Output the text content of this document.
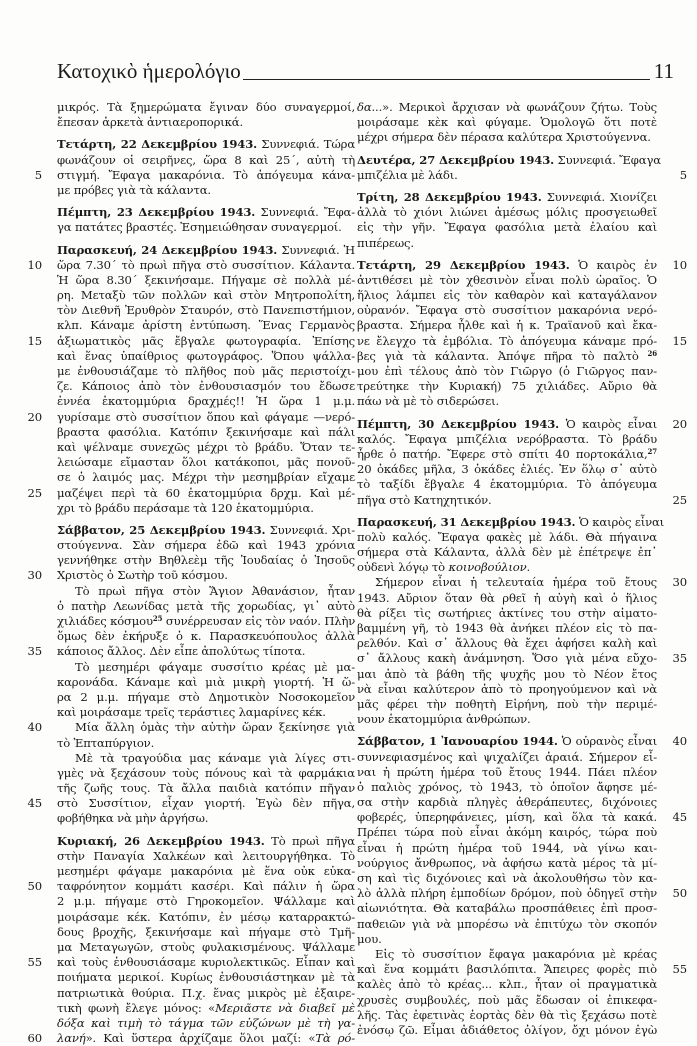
Κατοχικὸ ἡμερολόγιο	11
μικρός. Τὰ ξημερώματα ἔγιναν δύο συναγερμοί,
ἔπεσαν ἀρκετὰ ἀντιαεροπορικά.
Τετάρτη, 22 Δεκεμβρίου 1943. Συννεφιά. Τώρα
φωνάζουν οἱ σειρῆνες, ὥρα 8 καὶ 25΄, αὐτὴ τὴ
στιγμή. Ἔφαγα μακαρόνια. Τὸ ἀπόγευμα κάνα-
5
με πρόβες γιὰ τὰ κάλαντα.
Πέμπτη, 23 Δεκεμβρίου 1943. Συννεφιά. Ἔφα-
γα πατάτες βραστές. Ἐσημειώθησαν συναγερμοί.
Παρασκευή, 24 Δεκεμβρίου 1943. Συννεφιά. Ἡ
ὥρα 7.30΄ τὸ πρωὶ πῆγα στὸ συσσίτιον. Κάλαντα.
10
Ἡ ὥρα 8.30΄ ξεκινήσαμε. Πήγαμε σὲ πολλὰ μέ-
ρη. Μεταξὺ τῶν πολλῶν καὶ στὸν Μητροπολίτη,
τὸν Διεθνῆ Ἐρυθρὸν Σταυρόν, στὸ Πανεπιστήμιον,
κλπ. Κάναμε ἀρίστη ἐντύπωση. Ἕνας Γερμανὸς
ἀξιωματικὸς μᾶς ἔβγαλε φωτογραφία. Ἐπίσης
15
καὶ ἕνας ὑπαίθριος φωτογράφος. Ὅπου ψάλλα-
με ἐνθουσιάζαμε τὸ πλῆθος ποὺ μᾶς περιστοίχι-
ζε. Κάποιος ἀπὸ τὸν ἐνθουσιασμόν του ἔδωσε
ἐννέα ἑκατομμύρια δραχμές!! Ἡ ὥρα 1 μ.μ.
γυρίσαμε στὸ συσσίτιον ὅπου καὶ φάγαμε —νερό-
20
βραστα φασόλια. Κατόπιν ξεκινήσαμε καὶ πάλι
καὶ ψέλναμε συνεχῶς μέχρι τὸ βράδυ. Ὅταν τε-
λειώσαμε εἴμασταν ὅλοι κατάκοποι, μᾶς πονοῦ-
σε ὁ λαιμός μας. Μέχρι τὴν μεσημβρίαν εἴχαμε
μαζέψει περὶ τὰ 60 ἑκατομμύρια δρχμ. Καὶ μέ-
25
χρι τὸ βράδυ περάσαμε τὰ 120 ἑκατομμύρια.
Σάββατον, 25 Δεκεμβρίου 1943. Συννεφιά. Χρι-
στούγεννα. Σὰν σήμερα ἐδῶ καὶ 1943 χρόνια
γεννήθηκε στὴν Βηθλεὲμ τῆς Ἰουδαίας ὁ Ἰησοῦς
Χριστὸς ὁ Σωτὴρ τοῦ κόσμου.
30
Τὸ πρωὶ πῆγα στὸν Ἅγιον Ἀθανάσιον, ἦταν
ὁ πατὴρ Λεωνίδας μετὰ τῆς χορωδίας, γι᾽ αὐτὸ
χιλιάδες κόσμου$^{25}$ συνέρρευσαν εἰς τὸν ναόν. Πλὴν
ὅμως δὲν ἐκήρυξε ὁ κ. Παρασκευόπουλος ἀλλὰ
κάποιος ἄλλος. Δὲν εἶπε ἀπολύτως τίποτα.
35
Τὸ μεσημέρι φάγαμε συσσίτιο κρέας μὲ μα-
καρονάδα. Κάναμε καὶ μιὰ μικρὴ γιορτή. Ἡ ὥ-
ρα 2 μ.μ. πήγαμε στὸ Δημοτικὸν Νοσοκομεῖον
καὶ μοιράσαμε τρεῖς τεράστιες λαμαρίνες κέκ.
Μία ἄλλη ὁμὰς τὴν αὐτὴν ὥραν ξεκίνησε γιὰ
40
τὸ Ἑπταπύργιον.
Μὲ τὰ τραγούδια μας κάναμε γιὰ λίγες στι-
γμὲς νὰ ξεχάσουν τοὺς πόνους καὶ τὰ φαρμάκια
τῆς ζωῆς τους. Τὰ ἄλλα παιδιὰ κατόπιν πῆγαν
στὸ Συσσίτιον, εἶχαν γιορτή. Ἐγὼ δὲν πῆγα,
45
φοβήθηκα νὰ μὴν ἀργήσω.
Κυριακή, 26 Δεκεμβρίου 1943. Τὸ πρωὶ πῆγα
στὴν Παναγία Χαλκέων καὶ λειτουργήθηκα. Τὸ
μεσημέρι φάγαμε μακαρόνια μὲ ἕνα οὐκ εὐκα-
ταφρόνητον κομμάτι κασέρι. Καὶ πάλιν ἡ ὥρα
50
2 μ.μ. πήγαμε στὸ Γηροκομεῖον. Ψάλλαμε καὶ
μοιράσαμε κέκ. Κατόπιν, ἐν μέσῳ καταρρακτώ-
δους βροχῆς, ξεκινήσαμε καὶ πήγαμε στὸ Τμῆ-
μα Μεταγωγῶν, στοὺς φυλακισμένους. Ψάλλαμε
καὶ τοὺς ἐνθουσιάσαμε κυριολεκτικῶς. Εἶπαν καὶ
55
ποιήματα μερικοί. Κυρίως ἐνθουσιάστηκαν μὲ τὰ
πατριωτικὰ θούρια. Π.χ. ἕνας μικρὸς μὲ ἐξαιρε-
τικὴ φωνὴ ἔλεγε μόνος: «Μεριᾶστε νὰ διαβεῖ μὲ
δόξα καὶ τιμὴ τὸ τάγμα τῶν εὐζώνων μὲ τὴ γα-
λανή». Καὶ ὕστερα ἀρχίζαμε ὅλοι μαζί: «Τὰ ρό-
60
δα...». Μερικοὶ ἄρχισαν νὰ φωνάζουν ζήτω. Τοὺς
μοιράσαμε κὲκ καὶ φύγαμε. Ὁμολογῶ ὅτι ποτὲ
μέχρι σήμερα δὲν πέρασα καλύτερα Χριστούγεννα.
Δευτέρα, 27 Δεκεμβρίου 1943. Συννεφιά. Ἔφαγα
μπιζέλια μὲ λάδι.	5
Τρίτη, 28 Δεκεμβρίου 1943. Συννεφιά. Χιονίζει
ἀλλὰ τὸ χιόνι λιώνει ἀμέσως μόλις προσγειωθεῖ
εἰς τὴν γῆν. Ἔφαγα φασόλια μετὰ ἐλαίου καὶ
πιπέρεως.
Τετάρτη, 29 Δεκεμβρίου 1943. Ὁ καιρὸς ἐν	10
ἀντιθέσει μὲ τὸν χθεσινὸν εἶναι πολὺ ὡραῖος. Ὁ
ἥλιος λάμπει εἰς τὸν καθαρὸν καὶ καταγάλανον
οὐρανόν. Ἔφαγα στὸ συσσίτιον μακαρόνια νερό-
βραστα. Σήμερα ἦλθε καὶ ἡ κ. Τραϊανοῦ καὶ ἔκα-
νε ἔλεγχο τὰ ἐμβόλια. Τὸ ἀπόγευμα κάναμε πρό-	15
βες γιὰ τὰ κάλαντα. Ἀπόψε πῆρα τὸ παλτὸ $^{26}$
μου ἐπὶ τέλους ἀπὸ τὸν Γιῶργο (ὁ Γιῶργος παν-
τρεύτηκε τὴν Κυριακή) 75 χιλιάδες. Αὔριο θὰ
πάω νὰ μὲ τὸ σιδερώσει.
Πέμπτη, 30 Δεκεμβρίου 1943. Ὁ καιρὸς εἶναι	20
καλός. Ἔφαγα μπιζέλια νερόβραστα. Τὸ βράδυ
ἦρθε ὁ πατήρ. Ἔφερε στὸ σπίτι 40 πορτοκάλια,$^{27}$
20 ὀκάδες μῆλα, 3 ὀκάδες ἐλιές. Ἐν ὅλῳ σ᾽ αὐτὸ
τὸ ταξίδι ἔβγαλε 4 ἑκατομμύρια. Τὸ ἀπόγευμα
πῆγα στὸ Κατηχητικόν.	25
Παρασκευή, 31 Δεκεμβρίου 1943. Ὁ καιρὸς εἶναι
πολὺ καλός. Ἔφαγα φακὲς μὲ λάδι. Θὰ πήγαινα
σήμερα στὰ Κάλαντα, ἀλλὰ δὲν μὲ ἐπέτρεψε ἐπ᾽
οὐδενὶ λόγῳ τὸ κοινοβούλιον.
Σήμερον εἶναι ἡ τελευταία ἡμέρα τοῦ ἔτους	30
1943. Αὔριον ὅταν θὰ ρθεῖ ἡ αὐγὴ καὶ ὁ ἥλιος
θὰ ρίξει τὶς σωτήριες ἀκτίνες του στὴν αἱματο-
βαμμένη γῆ, τὸ 1943 θὰ ἀνήκει πλέον εἰς τὸ πα-
ρελθόν. Καὶ σ᾽ ἄλλους θὰ ἔχει ἀφήσει καλὴ καὶ
σ᾽ ἄλλους κακὴ ἀνάμνηση. Ὅσο γιὰ μένα εὔχο-	35
μαι ἀπὸ τὰ βάθη τῆς ψυχῆς μου τὸ Νέον ἔτος
νὰ εἶναι καλύτερον ἀπὸ τὸ προηγούμενον καὶ νὰ
μᾶς φέρει τὴν ποθητὴ Εἰρήνη, ποὺ τὴν περιμέ-
νουν ἑκατομμύρια ἀνθρώπων.
Σάββατον, 1 Ἰανουαρίου 1944. Ὁ οὐρανὸς εἶναι	40
συννεφιασμένος καὶ ψιχαλίζει ἀραιά. Σήμερον εἶ-
ναι ἡ πρώτη ἡμέρα τοῦ ἔτους 1944. Πάει πλέον
ὁ παλιὸς χρόνος, τὸ 1943, τὸ ὁποῖον ἄφησε μέ-
σα στὴν καρδιὰ πληγὲς ἀθεράπευτες, διχόνοιες
φοβερές, ὑπερηφάνειες, μίση, καὶ ὅλα τὰ κακά.	45
Πρέπει τώρα ποὺ εἶναι ἀκόμη καιρός, τώρα ποὺ
εἶναι ἡ πρώτη ἡμέρα τοῦ 1944, νὰ γίνω και-
νούργιος ἄνθρωπος, νὰ ἀφήσω κατὰ μέρος τὰ μί-
ση καὶ τὶς διχόνοιες καὶ νὰ ἀκολουθήσω τὸν κα-
λὸ ἀλλὰ πλήρη ἐμποδίων δρόμον, ποὺ ὁδηγεῖ στὴν	50
αἰωνιότητα. Θὰ καταβάλω προσπάθειες ἐπὶ προσ-
παθειῶν γιὰ νὰ μπορέσω νὰ ἐπιτύχω τὸν σκοπόν
μου.
Εἰς τὸ συσσίτιον ἔφαγα μακαρόνια μὲ κρέας
καὶ ἕνα κομμάτι βασιλόπιτα. Ἄπειρες φορὲς πιὸ	55
καλὲς ἀπὸ τὸ κρέας... κλπ., ἦταν οἱ πραγματικὰ
χρυσὲς συμβουλές, ποὺ μᾶς ἔδωσαν οἱ ἐπικεφα-
λῆς. Τὰς ἐφετινὰς ἑορτὰς δὲν θὰ τὶς ξεχάσω ποτὲ
ἐνόσῳ ζῶ. Εἶμαι ἀδιάθετος ὀλίγον, ὄχι μόνον ἐγὼ
